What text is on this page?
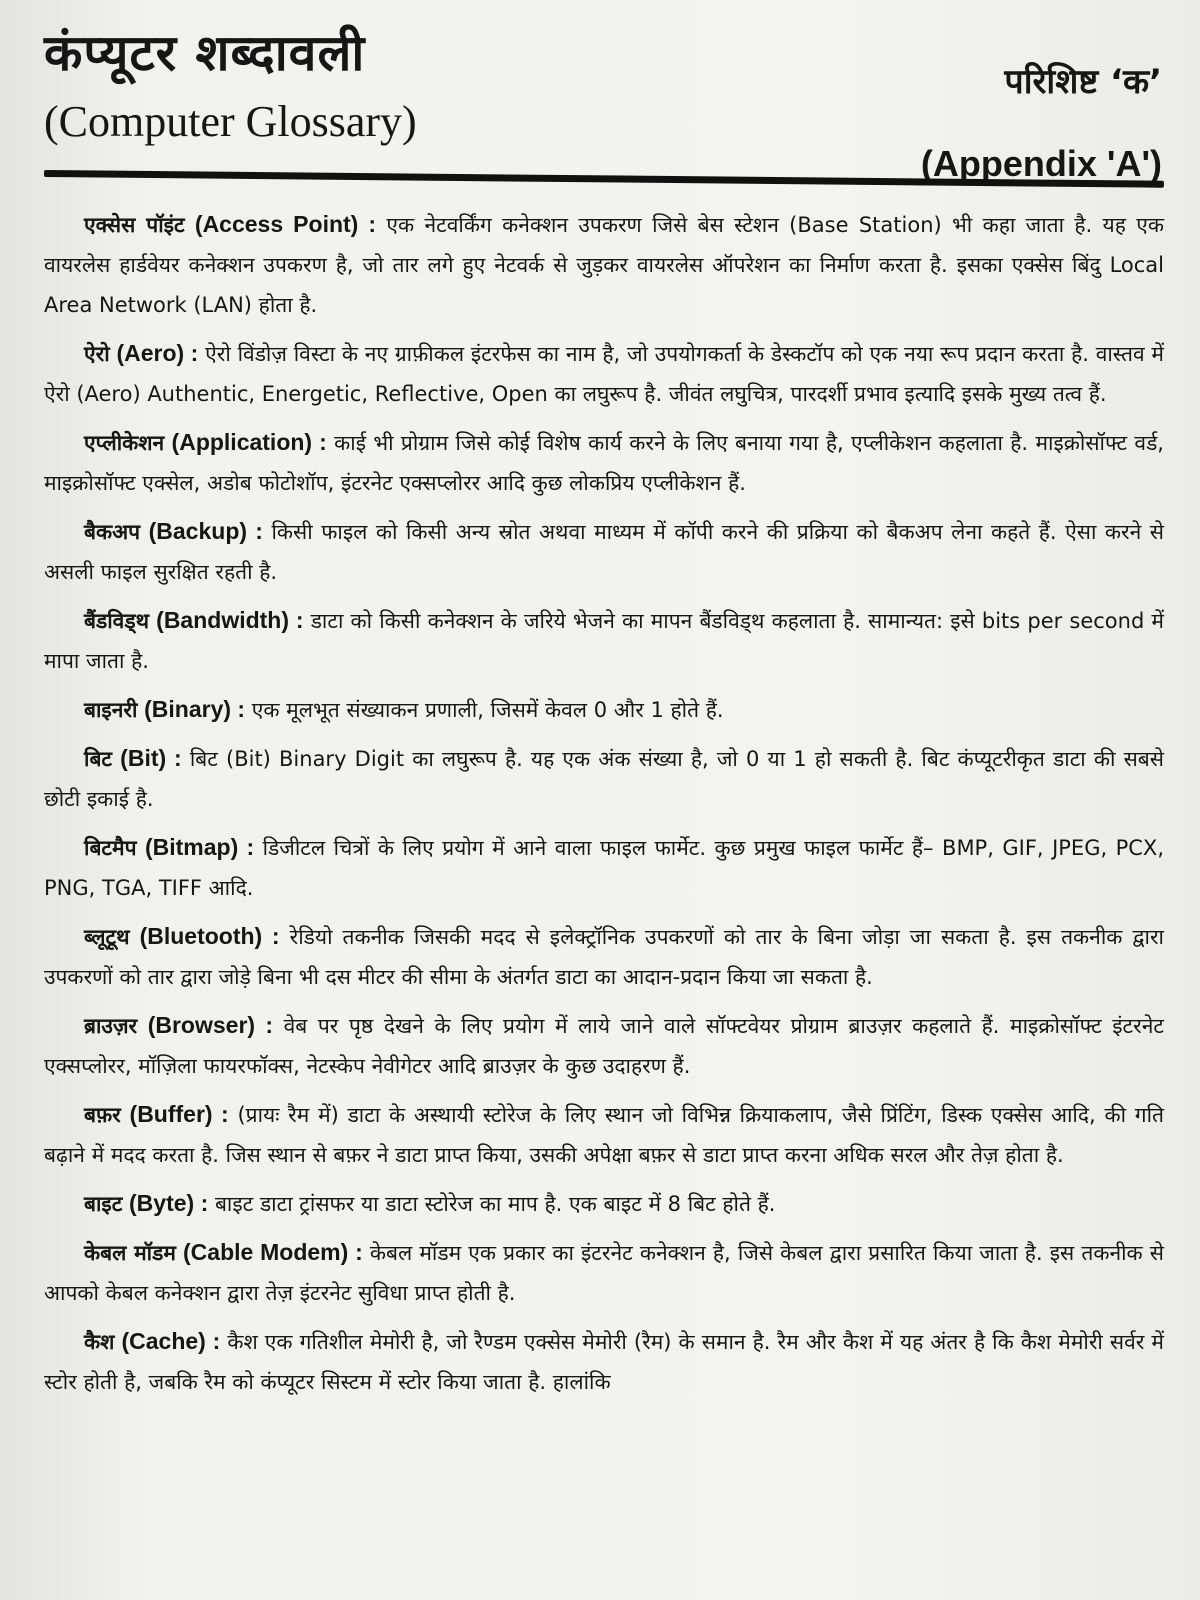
कंप्यूटर शब्दावली
(Computer Glossary)
परिशिष्ट ‘क’
(Appendix 'A')

एक्सेस पॉइंट (Access Point) : एक नेटवर्किंग कनेक्शन उपकरण जिसे बेस स्टेशन (Base Station) भी कहा जाता है. यह एक वायरलेस हार्डवेयर कनेक्शन उपकरण है, जो तार लगे हुए नेटवर्क से जुड़कर वायरलेस ऑपरेशन का निर्माण करता है. इसका एक्सेस बिंदु Local Area Network (LAN) होता है.

ऐरो (Aero) : ऐरो विंडोज़ विस्टा के नए ग्राफ़ीकल इंटरफेस का नाम है, जो उपयोगकर्ता के डेस्कटॉप को एक नया रूप प्रदान करता है. वास्तव में ऐरो (Aero) Authentic, Energetic, Reflective, Open का लघुरूप है. जीवंत लघुचित्र, पारदर्शी प्रभाव इत्यादि इसके मुख्य तत्व हैं.

एप्लीकेशन (Application) : काई भी प्रोग्राम जिसे कोई विशेष कार्य करने के लिए बनाया गया है, एप्लीकेशन कहलाता है. माइक्रोसॉफ्ट वर्ड, माइक्रोसॉफ्ट एक्सेल, अडोब फोटोशॉप, इंटरनेट एक्सप्लोरर आदि कुछ लोकप्रिय एप्लीकेशन हैं.

बैकअप (Backup) : किसी फाइल को किसी अन्य स्रोत अथवा माध्यम में कॉपी करने की प्रक्रिया को बैकअप लेना कहते हैं. ऐसा करने से असली फाइल सुरक्षित रहती है.

बैंडविड्थ (Bandwidth) : डाटा को किसी कनेक्शन के जरिये भेजने का मापन बैंडविड्थ कहलाता है. सामान्यत: इसे bits per second में मापा जाता है.

बाइनरी (Binary) : एक मूलभूत संख्याकन प्रणाली, जिसमें केवल 0 और 1 होते हैं.

बिट (Bit) : बिट (Bit) Binary Digit का लघुरूप है. यह एक अंक संख्या है, जो 0 या 1 हो सकती है. बिट कंप्यूटरीकृत डाटा की सबसे छोटी इकाई है.

बिटमैप (Bitmap) : डिजीटल चित्रों के लिए प्रयोग में आने वाला फाइल फार्मेट. कुछ प्रमुख फाइल फार्मेट हैं– BMP, GIF, JPEG, PCX, PNG, TGA, TIFF आदि.

ब्लूटूथ (Bluetooth) : रेडियो तकनीक जिसकी मदद से इलेक्ट्रॉनिक उपकरणों को तार के बिना जोड़ा जा सकता है. इस तकनीक द्वारा उपकरणों को तार द्वारा जोड़े बिना भी दस मीटर की सीमा के अंतर्गत डाटा का आदान-प्रदान किया जा सकता है.

ब्राउज़र (Browser) : वेब पर पृष्ठ देखने के लिए प्रयोग में लाये जाने वाले सॉफ्टवेयर प्रोग्राम ब्राउज़र कहलाते हैं. माइक्रोसॉफ्ट इंटरनेट एक्सप्लोरर, मॉज़िला फायरफॉक्स, नेटस्केप नेवीगेटर आदि ब्राउज़र के कुछ उदाहरण हैं.

बफ़र (Buffer) : (प्रायः रैम में) डाटा के अस्थायी स्टोरेज के लिए स्थान जो विभिन्न क्रियाकलाप, जैसे प्रिंटिंग, डिस्क एक्सेस आदि, की गति बढ़ाने में मदद करता है. जिस स्थान से बफ़र ने डाटा प्राप्त किया, उसकी अपेक्षा बफ़र से डाटा प्राप्त करना अधिक सरल और तेज़ होता है.

बाइट (Byte) : बाइट डाटा ट्रांसफर या डाटा स्टोरेज का माप है. एक बाइट में 8 बिट होते हैं.

केबल मॉडम (Cable Modem) : केबल मॉडम एक प्रकार का इंटरनेट कनेक्शन है, जिसे केबल द्वारा प्रसारित किया जाता है. इस तकनीक से आपको केबल कनेक्शन द्वारा तेज़ इंटरनेट सुविधा प्राप्त होती है.

कैश (Cache) : कैश एक गतिशील मेमोरी है, जो रैण्डम एक्सेस मेमोरी (रैम) के समान है. रैम और कैश में यह अंतर है कि कैश मेमोरी सर्वर में स्टोर होती है, जबकि रैम को कंप्यूटर सिस्टम में स्टोर किया जाता है. हालांकि
